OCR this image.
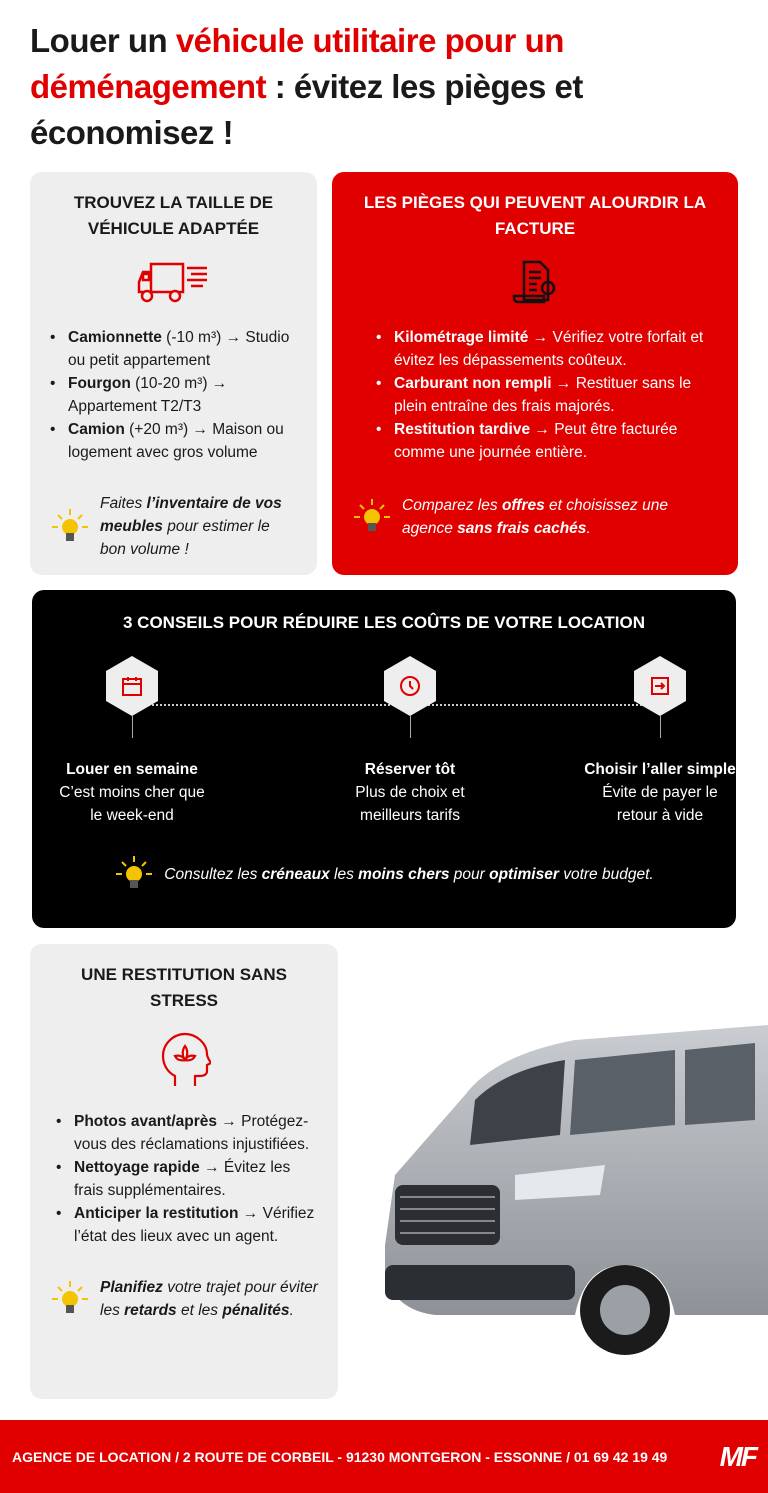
Louer un véhicule utilitaire pour un déménagement : évitez les pièges et économisez !
TROUVEZ LA TAILLE DE VÉHICULE ADAPTÉE
• Camionnette (-10 m³) → Studio ou petit appartement
• Fourgon (10-20 m³) → Appartement T2/T3
• Camion (+20 m³) → Maison ou logement avec gros volume
Faites l’inventaire de vos meubles pour estimer le bon volume !
LES PIÈGES QUI PEUVENT ALOURDIR LA FACTURE
• Kilométrage limité → Vérifiez votre forfait et évitez les dépassements coûteux.
• Carburant non rempli → Restituer sans le plein entraîne des frais majorés.
• Restitution tardive → Peut être facturée comme une journée entière.
Comparez les offres et choisissez une agence sans frais cachés.
3 CONSEILS POUR RÉDUIRE LES COÛTS DE VOTRE LOCATION
Louer en semaine
C’est moins cher que le week-end
Réserver tôt
Plus de choix et meilleurs tarifs
Choisir l’aller simple
Évite de payer le retour à vide
Consultez les créneaux les moins chers pour optimiser votre budget.
UNE RESTITUTION SANS STRESS
• Photos avant/après → Protégez-vous des réclamations injustifiées.
• Nettoyage rapide → Évitez les frais supplémentaires.
• Anticiper la restitution → Vérifiez l’état des lieux avec un agent.
Planifiez votre trajet pour éviter les retards et les pénalités.
AGENCE DE LOCATION / 2 ROUTE DE CORBEIL - 91230 MONTGERON - ESSONNE / 01 69 42 19 49 MF
